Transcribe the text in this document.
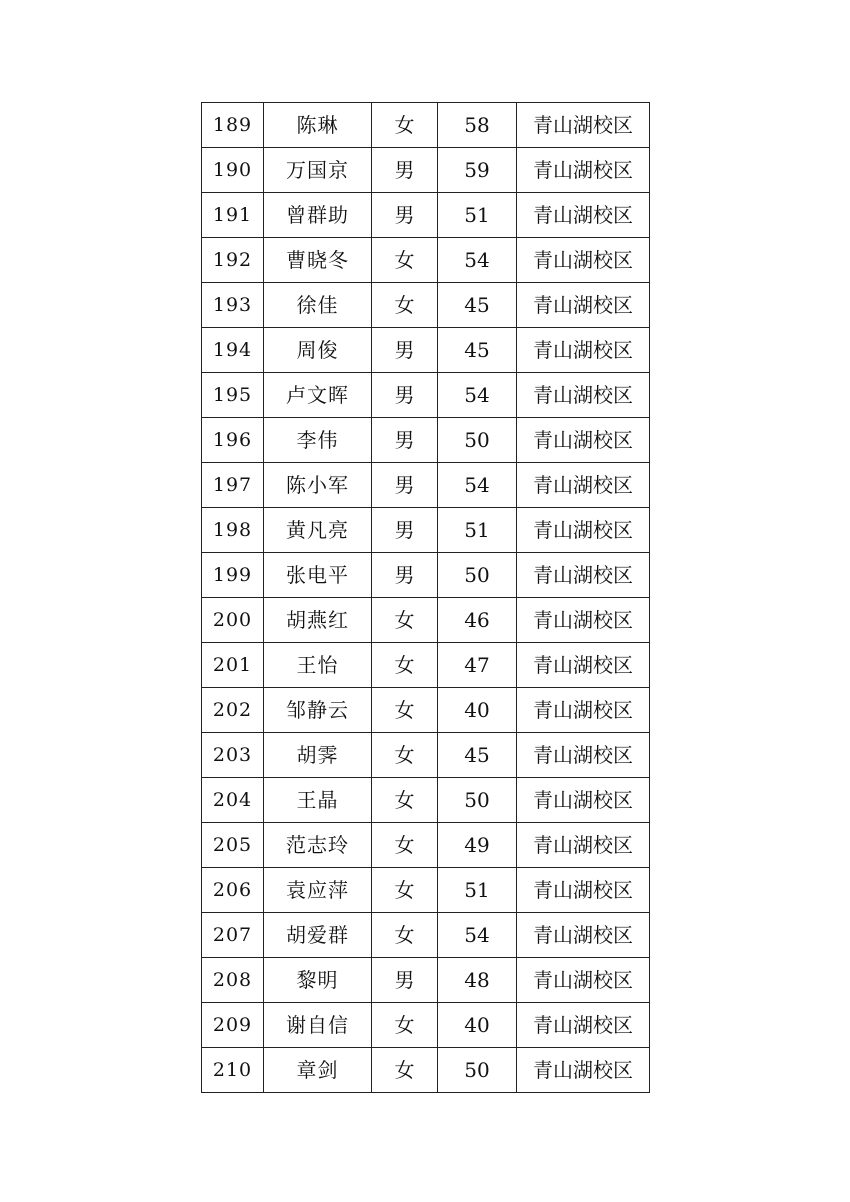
189	陈琳	女	58	青山湖校区
190	万国京	男	59	青山湖校区
191	曾群助	男	51	青山湖校区
192	曹晓冬	女	54	青山湖校区
193	徐佳	女	45	青山湖校区
194	周俊	男	45	青山湖校区
195	卢文晖	男	54	青山湖校区
196	李伟	男	50	青山湖校区
197	陈小军	男	54	青山湖校区
198	黄凡亮	男	51	青山湖校区
199	张电平	男	50	青山湖校区
200	胡燕红	女	46	青山湖校区
201	王怡	女	47	青山湖校区
202	邹静云	女	40	青山湖校区
203	胡霁	女	45	青山湖校区
204	王晶	女	50	青山湖校区
205	范志玲	女	49	青山湖校区
206	袁应萍	女	51	青山湖校区
207	胡爱群	女	54	青山湖校区
208	黎明	男	48	青山湖校区
209	谢自信	女	40	青山湖校区
210	章剑	女	50	青山湖校区
